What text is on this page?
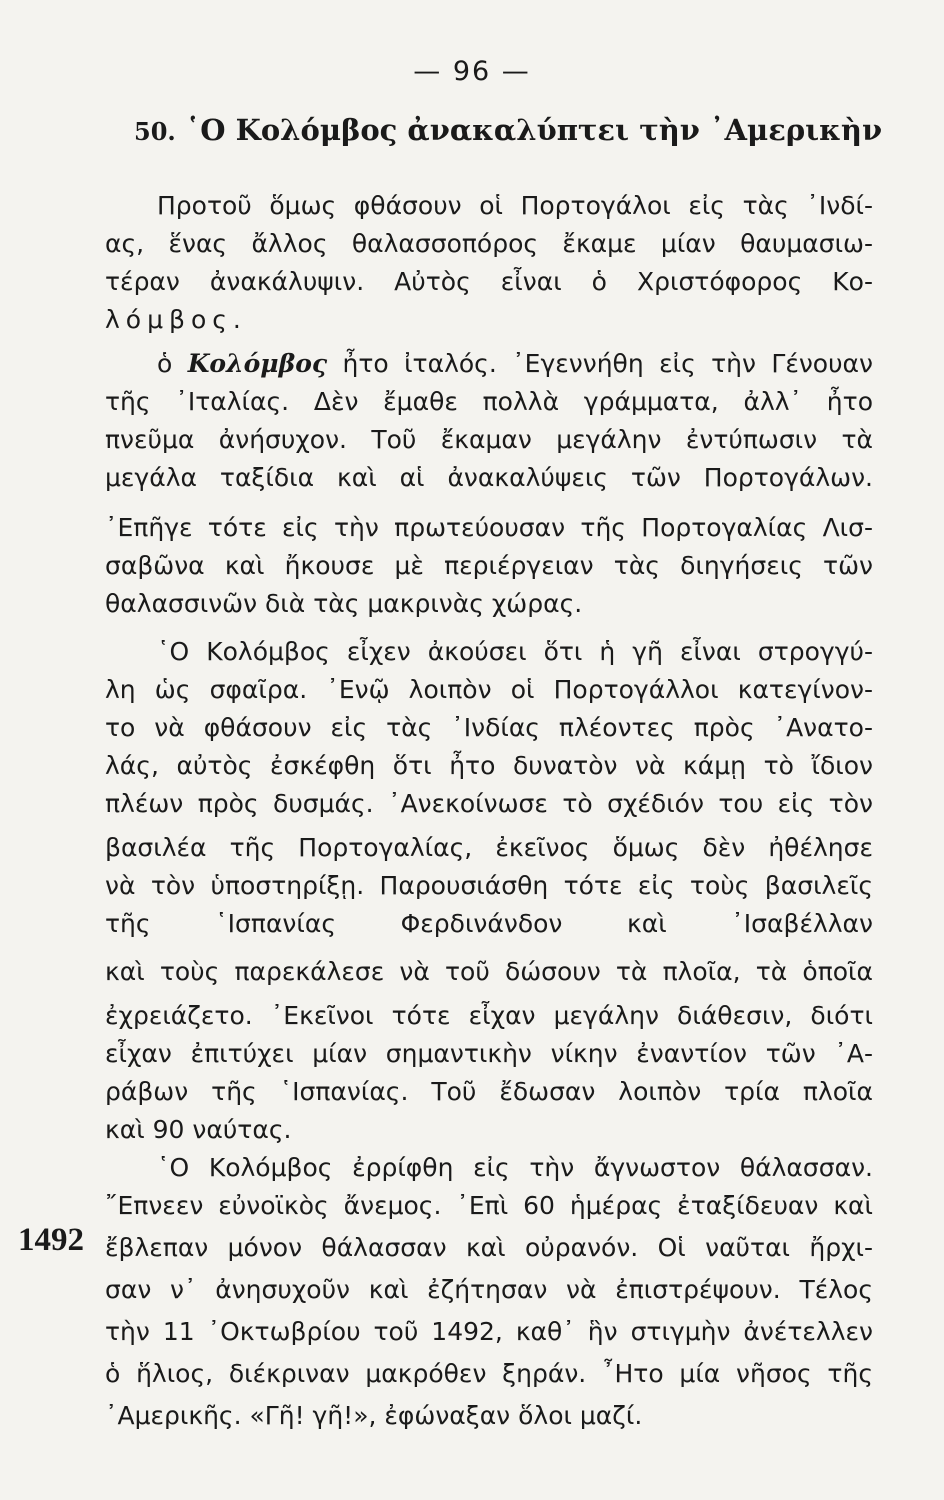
— 96 —
50. ῾Ο Κολόμβος ἀνακαλύπτει τὴν ᾿Αμερικὴν
1492
Προτοῦ ὅμως φθάσουν οἱ Πορτογάλοι εἰς τὰς ᾿Ινδί-
ας, ἕνας ἄλλος θαλασσοπόρος ἔκαμε μίαν θαυμασιω-
τέραν ἀνακάλυψιν. Αὐτὸς εἶναι ὁ Χριστόφορος Κο-
λόμβος.
ὁ Κολόμβος ἦτο ἰταλός. ᾿Εγεννήθη εἰς τὴν Γένουαν
τῆς ᾿Ιταλίας. Δὲν ἔμαθε πολλὰ γράμματα, ἀλλ᾿ ἦτο
πνεῦμα ἀνήσυχον. Τοῦ ἔκαμαν μεγάλην ἐντύπωσιν τὰ
μεγάλα ταξίδια καὶ αἱ ἀνακαλύψεις τῶν Πορτογάλων.
᾿Επῆγε τότε εἰς τὴν πρωτεύουσαν τῆς Πορτογαλίας Λισ-
σαβῶνα καὶ ἤκουσε μὲ περιέργειαν τὰς διηγήσεις τῶν
θαλασσινῶν διὰ τὰς μακρινὰς χώρας.
῾Ο Κολόμβος εἶχεν ἀκούσει ὅτι ἡ γῆ εἶναι στρογγύ-
λη ὡς σφαῖρα. ᾿Ενῷ λοιπὸν οἱ Πορτογάλλοι κατεγίνον-
το νὰ φθάσουν εἰς τὰς ᾿Ινδίας πλέοντες πρὸς ᾿Ανατο-
λάς, αὐτὸς ἐσκέφθη ὅτι ἦτο δυνατὸν νὰ κάμῃ τὸ ἴδιον
πλέων πρὸς δυσμάς. ᾿Ανεκοίνωσε τὸ σχέδιόν του εἰς τὸν
βασιλέα τῆς Πορτογαλίας, ἐκεῖνος ὅμως δὲν ἠθέλησε
νὰ τὸν ὑποστηρίξῃ. Παρουσιάσθη τότε εἰς τοὺς βασιλεῖς
τῆς ῾Ισπανίας Φερδινάνδον καὶ ᾿Ισαβέλλαν
καὶ τοὺς παρεκάλεσε νὰ τοῦ δώσουν τὰ πλοῖα, τὰ ὁποῖα
ἐχρειάζετο. ᾿Εκεῖνοι τότε εἶχαν μεγάλην διάθεσιν, διότι
εἶχαν ἐπιτύχει μίαν σημαντικὴν νίκην ἐναντίον τῶν ᾿Α-
ράβων τῆς ῾Ισπανίας. Τοῦ ἔδωσαν λοιπὸν τρία πλοῖα
καὶ 90 ναύτας.
῾Ο Κολόμβος ἐρρίφθη εἰς τὴν ἄγνωστον θάλασσαν.
῎Επνεεν εὐνοϊκὸς ἄνεμος. ᾿Επὶ 60 ἡμέρας ἐταξίδευαν καὶ
ἔβλεπαν μόνον θάλασσαν καὶ οὐρανόν. Οἱ ναῦται ἤρχι-
σαν ν᾿ ἀνησυχοῦν καὶ ἐζήτησαν νὰ ἐπιστρέψουν. Τέλος
τὴν 11 ᾿Οκτωβρίου τοῦ 1492, καθ᾿ ἣν στιγμὴν ἀνέτελλεν
ὁ ἥλιος, διέκριναν μακρόθεν ξηράν. ῏Ητο μία νῆσος τῆς
᾿Αμερικῆς. «Γῆ! γῆ!», ἐφώναξαν ὅλοι μαζί.
